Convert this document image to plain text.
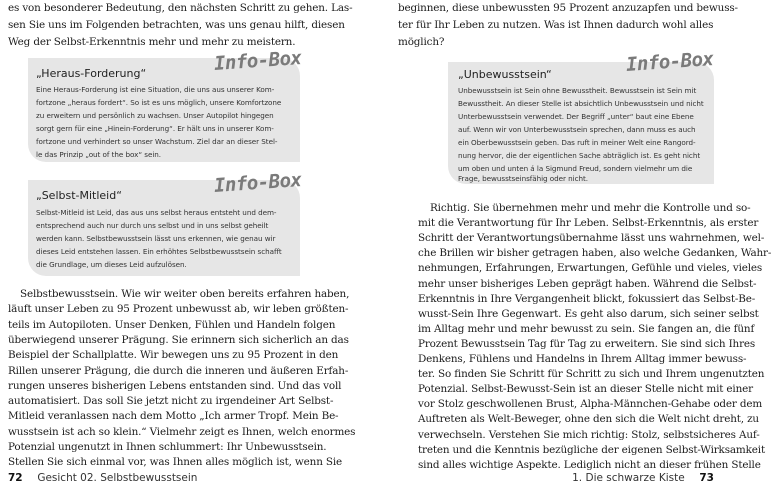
es von besonderer Bedeutung, den nächsten Schritt zu gehen. Las-
sen Sie uns im Folgenden betrachten, was uns genau hilft, diesen
Weg der Selbst-Erkenntnis mehr und mehr zu meistern.
Info-Box
„Heraus-Forderung“
Eine Heraus-Forderung ist eine Situation, die uns aus unserer Kom-
fortzone „heraus fordert“. So ist es uns möglich, unsere Komfortzone
zu erweitern und persönlich zu wachsen. Unser Autopilot hingegen
sorgt gern für eine „Hinein-Forderung“. Er hält uns in unserer Kom-
fortzone und verhindert so unser Wachstum. Ziel dar an dieser Stel-
le das Prinzip „out of the box“ sein.
Info-Box
„Selbst-Mitleid“
Selbst-Mitleid ist Leid, das aus uns selbst heraus entsteht und dem-
entsprechend auch nur durch uns selbst und in uns selbst geheilt
werden kann. Selbstbewusstsein lässt uns erkennen, wie genau wir
dieses Leid entstehen lassen. Ein erhöhtes Selbstbewusstsein schafft
die Grundlage, um dieses Leid aufzulösen.
Selbstbewusstsein. Wie wir weiter oben bereits erfahren haben,
läuft unser Leben zu 95 Prozent unbewusst ab, wir leben größten-
teils im Autopiloten. Unser Denken, Fühlen und Handeln folgen
überwiegend unserer Prägung. Sie erinnern sich sicherlich an das
Beispiel der Schallplatte. Wir bewegen uns zu 95 Prozent in den
Rillen unserer Prägung, die durch die inneren und äußeren Erfah-
rungen unseres bisherigen Lebens entstanden sind. Und das voll
automatisiert. Das soll Sie jetzt nicht zu irgendeiner Art Selbst-
Mitleid veranlassen nach dem Motto „Ich armer Tropf. Mein Be-
wusstsein ist ach so klein.“ Vielmehr zeigt es Ihnen, welch enormes
Potenzial ungenutzt in Ihnen schlummert: Ihr Unbewusstsein.
72 Gesicht 02. Selbstbewusstsein
Stellen Sie sich einmal vor, was Ihnen alles möglich ist, wenn Sie
beginnen, diese unbewussten 95 Prozent anzuzapfen und bewuss-
ter für Ihr Leben zu nutzen. Was ist Ihnen dadurch wohl alles
möglich?
Info-Box
„Unbewusstsein“
Unbewusstsein ist Sein ohne Bewusstheit. Bewusstsein ist Sein mit
Bewusstheit. An dieser Stelle ist absichtlich Unbewusstsein und nicht
Unterbewusstsein verwendet. Der Begriff „unter“ baut eine Ebene
auf. Wenn wir von Unterbewusstsein sprechen, dann muss es auch
ein Oberbewusstsein geben. Das ruft in meiner Welt eine Rangord-
nung hervor, die der eigentlichen Sache abträglich ist. Es geht nicht
um oben und unten á la Sigmund Freud, sondern vielmehr um die
Frage, bewusstseinsfähig oder nicht.
Richtig. Sie übernehmen mehr und mehr die Kontrolle und so-
mit die Verantwortung für Ihr Leben. Selbst-Erkenntnis, als erster
Schritt der Verantwortungsübernahme lässt uns wahrnehmen, wel-
che Brillen wir bisher getragen haben, also welche Gedanken, Wahr-
nehmungen, Erfahrungen, Erwartungen, Gefühle und vieles, vieles
mehr unser bisheriges Leben geprägt haben. Während die Selbst-
Erkenntnis in Ihre Vergangenheit blickt, fokussiert das Selbst-Be-
wusst-Sein Ihre Gegenwart. Es geht also darum, sich seiner selbst
im Alltag mehr und mehr bewusst zu sein. Sie fangen an, die fünf
Prozent Bewusstsein Tag für Tag zu erweitern. Sie sind sich Ihres
Denkens, Fühlens und Handelns in Ihrem Alltag immer bewuss-
ter. So finden Sie Schritt für Schritt zu sich und Ihrem ungenutzten
Potenzial. Selbst-Bewusst-Sein ist an dieser Stelle nicht mit einer
vor Stolz geschwollenen Brust, Alpha-Männchen-Gehabe oder dem
Auftreten als Welt-Beweger, ohne den sich die Welt nicht dreht, zu
verwechseln. Verstehen Sie mich richtig: Stolz, selbstsicheres Auf-
treten und die Kenntnis bezügliche der eigenen Selbst-Wirksamkeit
sind alles wichtige Aspekte. Lediglich nicht an dieser frühen Stelle
1. Die schwarze Kiste 73
